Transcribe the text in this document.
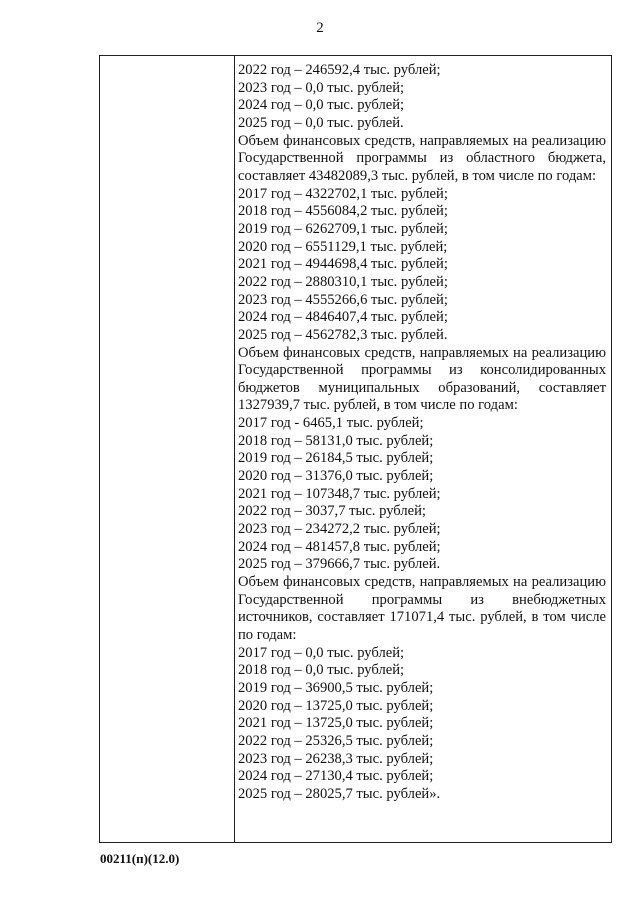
2
2022 год – 246592,4 тыс. рублей;
2023 год – 0,0 тыс. рублей;
2024 год – 0,0 тыс. рублей;
2025 год – 0,0 тыс. рублей.
Объем финансовых средств, направляемых на реализацию Государственной программы из областного бюджета, составляет 43482089,3 тыс. рублей, в том числе по годам:
2017 год – 4322702,1 тыс. рублей;
2018 год – 4556084,2 тыс. рублей;
2019 год – 6262709,1 тыс. рублей;
2020 год – 6551129,1 тыс. рублей;
2021 год – 4944698,4 тыс. рублей;
2022 год – 2880310,1 тыс. рублей;
2023 год – 4555266,6 тыс. рублей;
2024 год – 4846407,4 тыс. рублей;
2025 год – 4562782,3 тыс. рублей.
Объем финансовых средств, направляемых на реализацию Государственной программы из консолидированных бюджетов муниципальных образований, составляет 1327939,7 тыс. рублей, в том числе по годам:
2017 год - 6465,1 тыс. рублей;
2018 год – 58131,0 тыс. рублей;
2019 год – 26184,5 тыс. рублей;
2020 год – 31376,0 тыс. рублей;
2021 год – 107348,7 тыс. рублей;
2022 год – 3037,7 тыс. рублей;
2023 год – 234272,2 тыс. рублей;
2024 год – 481457,8 тыс. рублей;
2025 год – 379666,7 тыс. рублей.
Объем финансовых средств, направляемых на реализацию Государственной программы из внебюджетных источников, составляет 171071,4 тыс. рублей, в том числе по годам:
2017 год – 0,0 тыс. рублей;
2018 год – 0,0 тыс. рублей;
2019 год – 36900,5 тыс. рублей;
2020 год – 13725,0 тыс. рублей;
2021 год – 13725,0 тыс. рублей;
2022 год – 25326,5 тыс. рублей;
2023 год – 26238,3 тыс. рублей;
2024 год – 27130,4 тыс. рублей;
2025 год – 28025,7 тыс. рублей».
00211(п)(12.0)
